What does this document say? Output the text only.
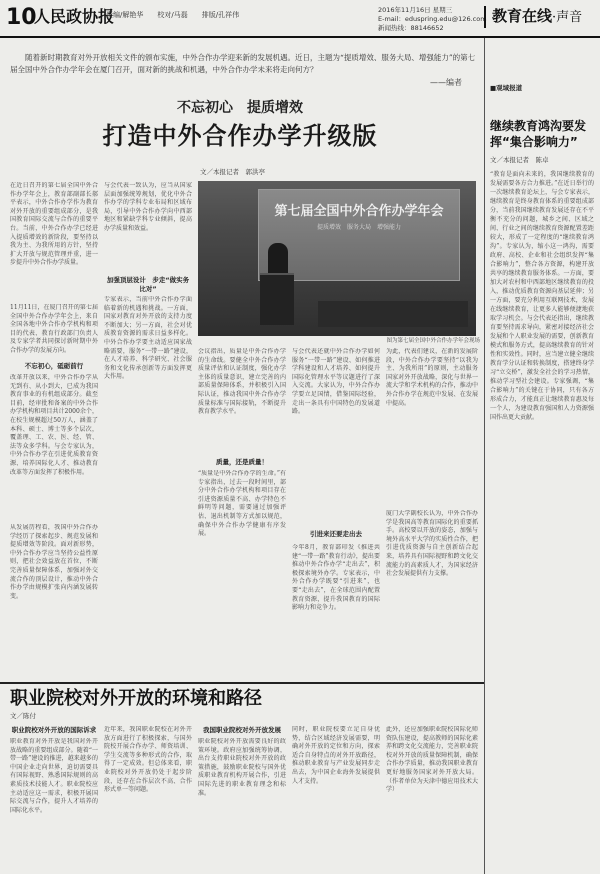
10
人民政协报
责编/解艳华　　校对/马磊　　排版/孔祥伟
2016年11月16日 星期三
E-mail：eduspring.edu@126.com
新闻热线：88146652
教育在线·声音
随着新时期教育对外开放相关文件的颁布实施，中外合作办学迎来新的发展机遇。近日，主题为“提质增效、服务大局、增强能力”的第七届全国中外合作办学年会在厦门召开，面对新的挑战和机遇，中外合作办学未来将走向何方？
——编者
不忘初心　提质增效
打造中外合作办学升级版
文／本报记者　郭洪亭
在近日召开的第七届全国中外合作办学年会上，教育部副部长郝平表示，中外合作办学作为教育对外开放的重要组成部分，是我国教育国际交流与合作的重要平台。当前，中外合作办学已经进入提质增效的新阶段，要坚持以我为主、为我所用的方针，坚持扩大开放与规范管理并重，进一步提升中外合作办学质量。
11月11日，在厦门召开的第七届全国中外合作办学年会上，来自全国各地中外合作办学机构和项目的代表、教育行政部门负责人及专家学者共同探讨新时期中外合作办学的发展方向。
不忘初心，砥砺前行
改革开放以来，中外合作办学从无到有、从小到大，已成为我国教育事业的有机组成部分。截至目前，经审批和备案的中外合作办学机构和项目共计2000余个，在校生规模超过50万人，涵盖了本科、硕士、博士等多个层次，覆盖理、工、农、医、经、管、法等众多学科。与会专家认为，中外合作办学在引进优质教育资源、培养国际化人才、推动教育改革等方面发挥了积极作用。
从发展历程看，我国中外合作办学经历了探索起步、规范发展和提质增效等阶段。面对新形势，中外合作办学应当坚持公益性原则，把社会效益放在首位，不断完善质量保障体系，加强对外交流合作的顶层设计，推动中外合作办学由规模扩张向内涵发展转变。
与会代表一致认为，应当从国家层面加强统筹规划，优化中外合作办学的学科专业布局和区域布局，引导中外合作办学向中西部地区和紧缺学科专业倾斜，提高办学质量和效益。
加强顶层设计　步走“做实务比对”
专家表示，当前中外合作办学面临着新的机遇和挑战。一方面，国家对教育对外开放的支持力度不断加大；另一方面，社会对优质教育资源的需求日益多样化。中外合作办学要主动适应国家战略需要，服务“一带一路”建设，在人才培养、科学研究、社会服务和文化传承创新等方面发挥更大作用。
第七届全国中外合作办学年会
提质增效　服务大局　增强能力
图为第七届全国中外合作办学年会现场
会议指出，质量是中外合作办学的生命线。要健全中外合作办学质量评估和认证制度，强化办学主体的质量意识，建立完善的内部质量保障体系，并积极引入国际认证，推动我国中外合作办学质量标准与国际接轨，不断提升教育教学水平。
质量，还是质量！
“质量是中外合作办学的生命。”有专家指出，过去一段时间里，部分中外合作办学机构和项目存在引进资源质量不高、办学特色不鲜明等问题，需要通过加强评估、退出机制等方式加以规范，确保中外合作办学健康有序发展。
与会代表还就中外合作办学如何服务“一带一路”建设、如何推进学科建设和人才培养、如何提升国际化管理水平等议题进行了深入交流。大家认为，中外合作办学要立足国情，借鉴国际经验，走出一条具有中国特色的发展道路。
引进来还要走出去
今年8月，教育部印发《推进共建“一带一路”教育行动》，提出要推动中外合作办学“走出去”，积极探索境外办学。专家表示，中外合作办学既要“引进来”，也要“走出去”，在全球范围内配置教育资源，提升我国教育的国际影响力和竞争力。
为此，代表们建议，在新的发展阶段，中外合作办学要坚持“以我为主、为我所用”的原则，主动服务国家对外开放战略，深化与世界一流大学和学术机构的合作，推动中外合作办学在规范中发展、在发展中提高。
厦门大学副校长认为，中外合作办学是我国高等教育国际化的重要抓手。高校要以开放的姿态，加强与境外高水平大学的实质性合作，把引进优质资源与自主创新结合起来，培养具有国际视野和跨文化交流能力的高素质人才，为国家经济社会发展提供有力支撑。
职业院校对外开放的环境和路径
文／陈付
职业院校对外开放的国际诉求
职业教育对外开放是我国对外开放战略的重要组成部分。随着“一带一路”建设的推进，越来越多的中国企业走向世界，迫切需要具有国际视野、熟悉国际规则的高素质技术技能人才。职业院校应主动适应这一需求，积极开展国际交流与合作，提升人才培养的国际化水平。
近年来，我国职业院校在对外开放方面进行了积极探索，与国外院校开展合作办学、师资培训、学生交流等多种形式的合作，取得了一定成效。但总体来看，职业院校对外开放仍处于起步阶段，还存在合作层次不高、合作形式单一等问题。
我国职业院校对外开放发展
职业院校对外开放需要良好的政策环境。政府应加强统筹协调，出台支持职业院校对外开放的政策措施，鼓励职业院校与国外优质职业教育机构开展合作，引进国际先进的职业教育理念和标准。
同时，职业院校要立足自身优势，结合区域经济发展需要，明确对外开放的定位和方向，探索适合自身特点的对外开放路径，推动职业教育与产业发展同步走出去，为中国企业海外发展提供人才支持。
此外，还应加强职业院校国际化师资队伍建设，提高教师的国际化素养和跨文化交流能力，完善职业院校对外开放的质量保障机制，确保合作办学质量，推动我国职业教育更好地服务国家对外开放大局。（作者单位为天津中德应用技术大学）
■观域报道
继续教育鸿沟要发挥“集合影响力”
文／本报记者　陈卓
“教育是面向未来的，我国继续教育的发展需要各方合力推进。”在近日举行的一次继续教育论坛上，与会专家表示，继续教育是终身教育体系的重要组成部分，当前我国继续教育发展还存在不平衡不充分的问题，城乡之间、区域之间、行业之间的继续教育资源配置差距较大，形成了一定程度的“继续教育鸿沟”。专家认为，缩小这一鸿沟，需要政府、高校、企业和社会组织发挥“集合影响力”，整合各方资源，构建开放共享的继续教育服务体系。一方面，要加大对农村和中西部地区继续教育的投入，推动优质教育资源向基层延伸；另一方面，要充分利用互联网技术，发展在线继续教育，让更多人能够便捷地获取学习机会。与会代表还指出，继续教育要坚持需求导向，紧密对接经济社会发展和个人职业发展的需要，创新教育模式和服务方式，提高继续教育的针对性和实效性。同时，应当建立健全继续教育学分认证和转换制度，搭建终身学习“立交桥”，激发全社会的学习热情，推动学习型社会建设。专家强调，“集合影响力”的关键在于协同，只有各方形成合力，才能真正让继续教育惠及每一个人，为建设教育强国和人力资源强国作出更大贡献。
